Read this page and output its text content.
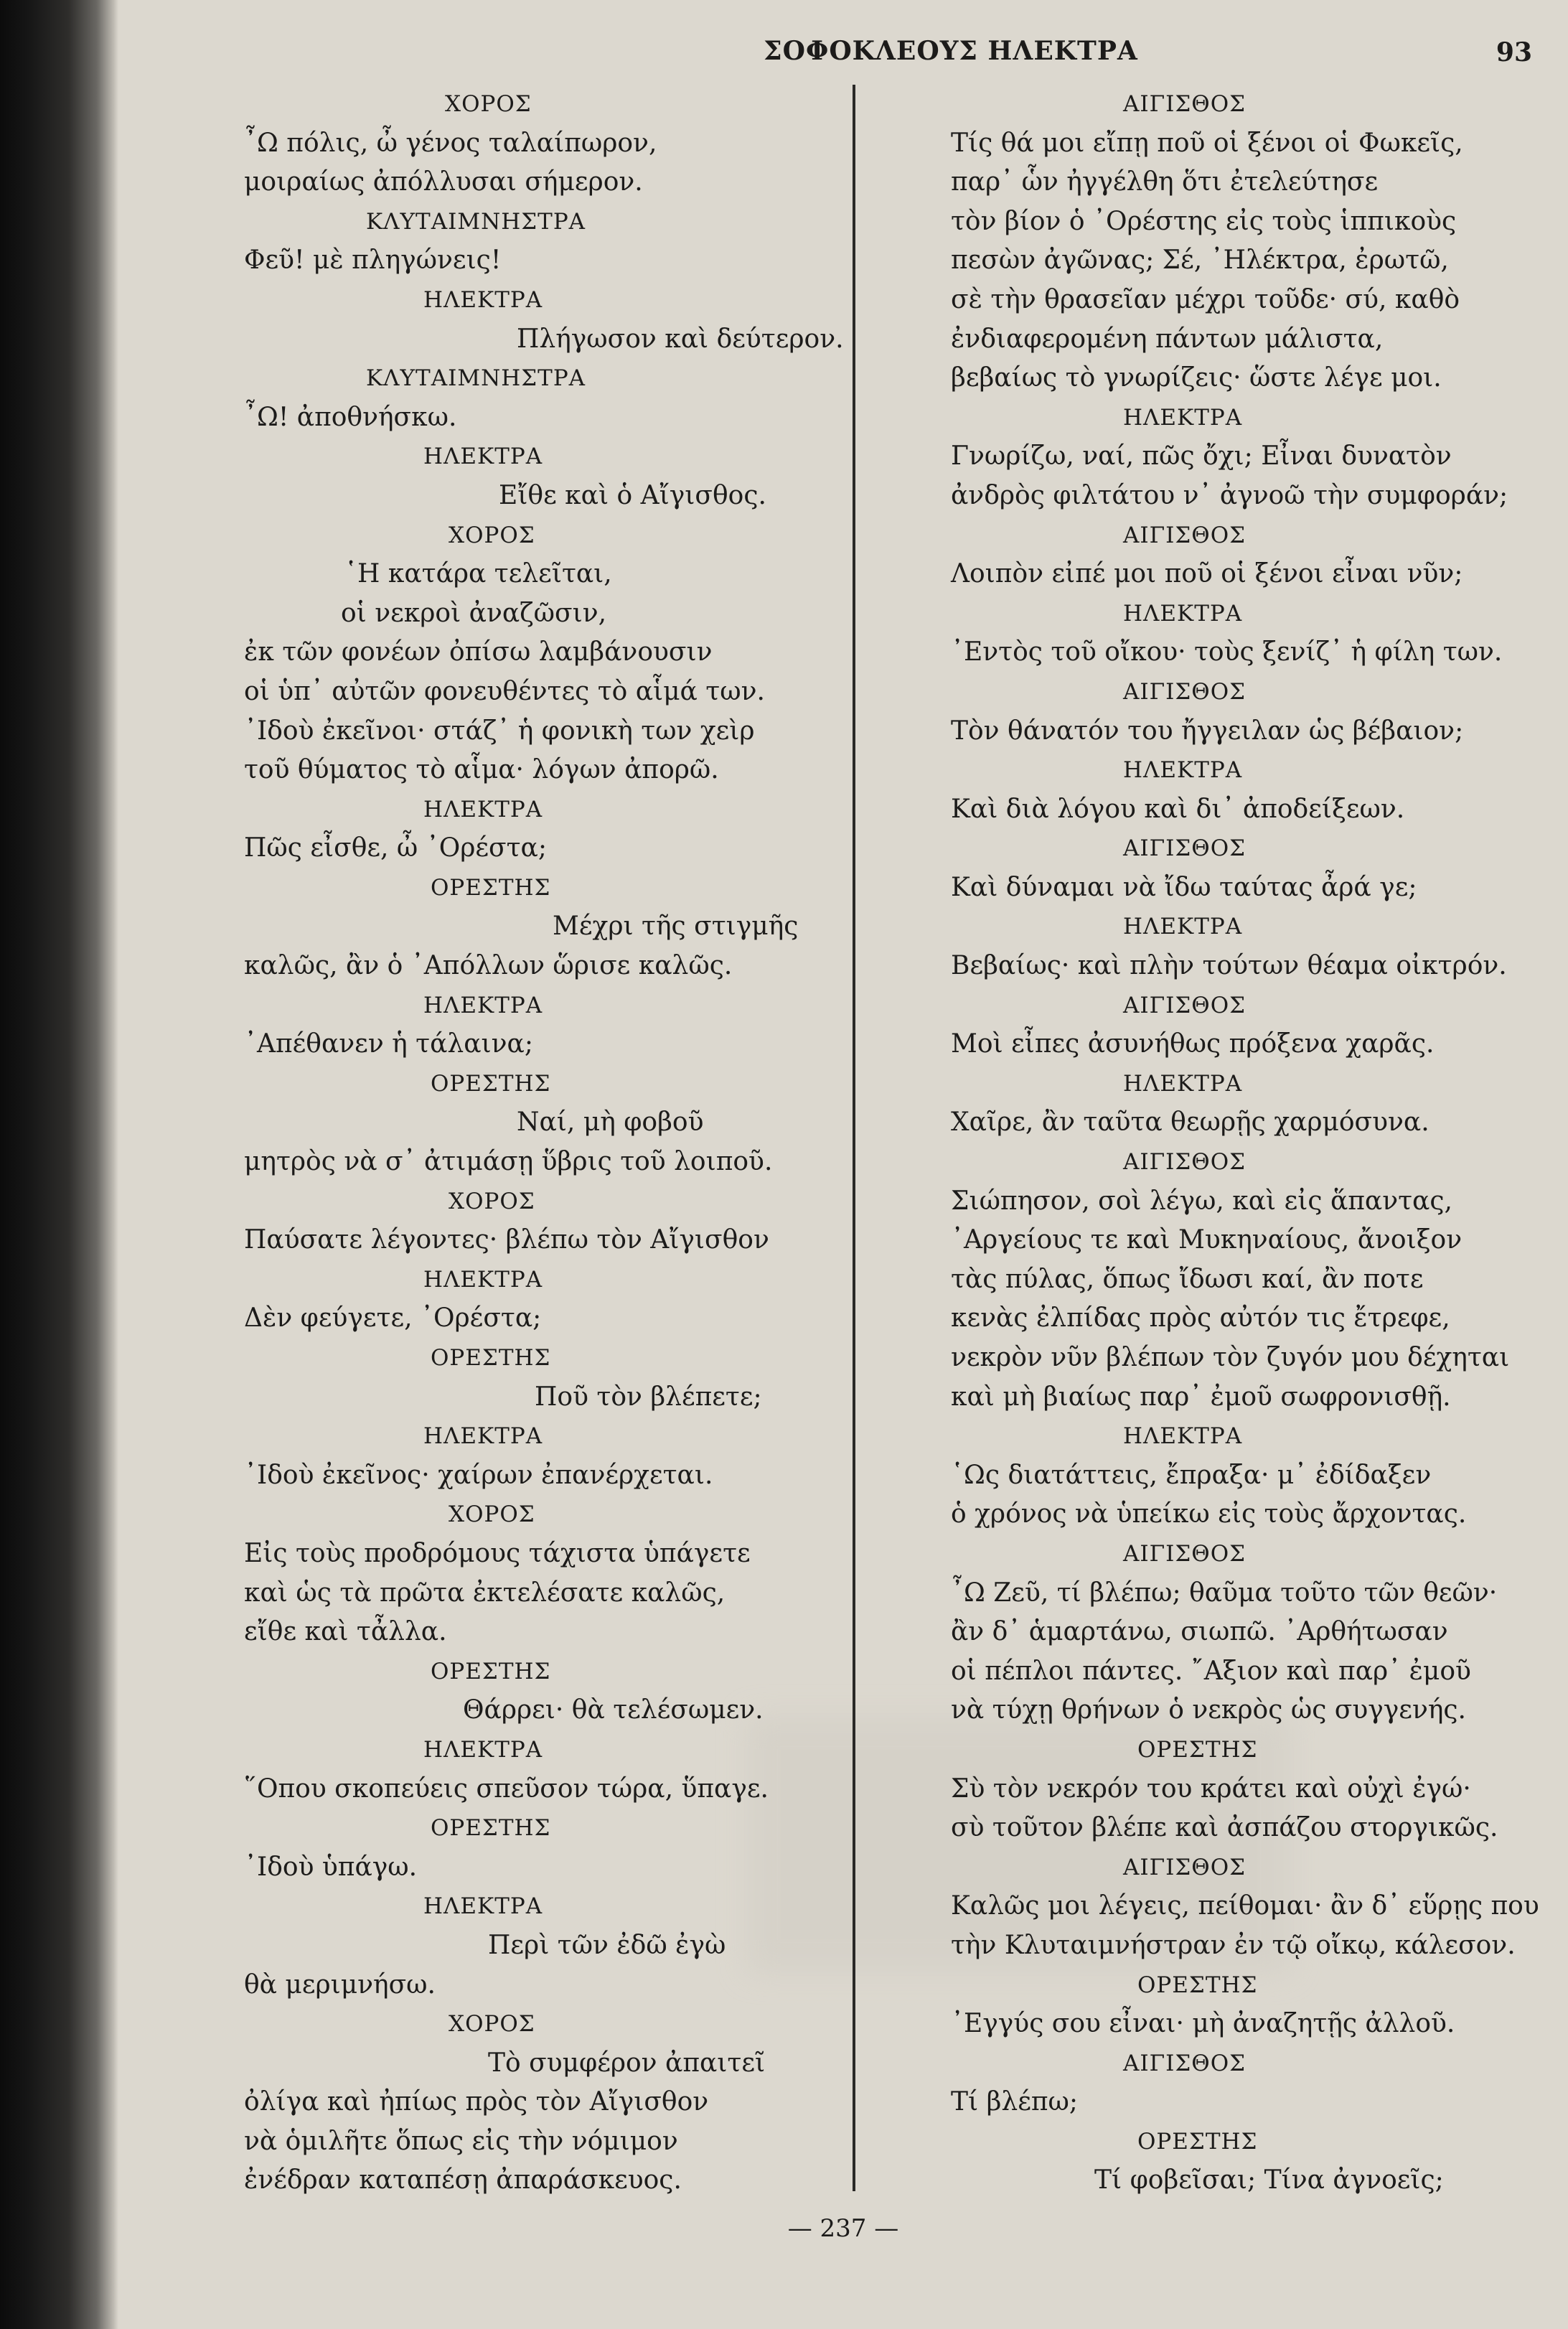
ΣΟΦΟΚΛΕΟΥΣ ΗΛΕΚΤΡΑ	93
ΧΟΡΟΣ
῏Ω πόλις, ὦ γένος ταλαίπωρον,
μοιραίως ἀπόλλυσαι σήμερον.
ΚΛΥΤΑΙΜΝΗΣΤΡΑ
Φεῦ! μὲ πληγώνεις!
ΗΛΕΚΤΡΑ
Πλήγωσον καὶ δεύτερον.
ΚΛΥΤΑΙΜΝΗΣΤΡΑ
῏Ω! ἀποθνήσκω.
ΗΛΕΚΤΡΑ
Εἴθε καὶ ὁ Αἴγισθος.
ΧΟΡΟΣ
῾Η κατάρα τελεῖται,
οἱ νεκροὶ ἀναζῶσιν,
ἐκ τῶν φονέων ὀπίσω λαμβάνουσιν
οἱ ὑπ᾿ αὐτῶν φονευθέντες τὸ αἷμά των.
᾿Ιδοὺ ἐκεῖνοι· στάζ᾿ ἡ φονικὴ των χεὶρ
τοῦ θύματος τὸ αἷμα· λόγων ἀπορῶ.
ΗΛΕΚΤΡΑ
Πῶς εἶσθε, ὦ ᾿Ορέστα;
ΟΡΕΣΤΗΣ
Μέχρι τῆς στιγμῆς
καλῶς, ἂν ὁ ᾿Απόλλων ὥρισε καλῶς.
ΗΛΕΚΤΡΑ
᾿Απέθανεν ἡ τάλαινα;
ΟΡΕΣΤΗΣ
Ναί, μὴ φοβοῦ
μητρὸς νὰ σ᾿ ἀτιμάσῃ ὕβρις τοῦ λοιποῦ.
ΧΟΡΟΣ
Παύσατε λέγοντες· βλέπω τὸν Αἴγισθον
ΗΛΕΚΤΡΑ
Δὲν φεύγετε, ᾿Ορέστα;
ΟΡΕΣΤΗΣ
Ποῦ τὸν βλέπετε;
ΗΛΕΚΤΡΑ
᾿Ιδοὺ ἐκεῖνος· χαίρων ἐπανέρχεται.
ΧΟΡΟΣ
Εἰς τοὺς προδρόμους τάχιστα ὑπάγετε
καὶ ὡς τὰ πρῶτα ἐκτελέσατε καλῶς,
εἴθε καὶ τἆλλα.
ΟΡΕΣΤΗΣ
Θάρρει· θὰ τελέσωμεν.
ΗΛΕΚΤΡΑ
῞Οπου σκοπεύεις σπεῦσον τώρα, ὕπαγε.
ΟΡΕΣΤΗΣ
᾿Ιδοὺ ὑπάγω.
ΗΛΕΚΤΡΑ
Περὶ τῶν ἐδῶ ἐγὼ
θὰ μεριμνήσω.
ΧΟΡΟΣ
Τὸ συμφέρον ἀπαιτεῖ
ὀλίγα καὶ ἠπίως πρὸς τὸν Αἴγισθον
νὰ ὁμιλῆτε ὅπως εἰς τὴν νόμιμον
ἐνέδραν καταπέσῃ ἀπαράσκευος.
ΑΙΓΙΣΘΟΣ
Τίς θά μοι εἴπῃ ποῦ οἱ ξένοι οἱ Φωκεῖς,
παρ᾿ ὧν ἠγγέλθη ὅτι ἐτελεύτησε
τὸν βίον ὁ ᾿Ορέστης εἰς τοὺς ἱππικοὺς
πεσὼν ἀγῶνας; Σέ, ᾿Ηλέκτρα, ἐρωτῶ,
σὲ τὴν θρασεῖαν μέχρι τοῦδε· σύ, καθὸ
ἐνδιαφερομένη πάντων μάλιστα,
βεβαίως τὸ γνωρίζεις· ὥστε λέγε μοι.
ΗΛΕΚΤΡΑ
Γνωρίζω, ναί, πῶς ὄχι; Εἶναι δυνατὸν
ἀνδρὸς φιλτάτου ν᾿ ἀγνοῶ τὴν συμφοράν;
ΑΙΓΙΣΘΟΣ
Λοιπὸν εἰπέ μοι ποῦ οἱ ξένοι εἶναι νῦν;
ΗΛΕΚΤΡΑ
᾿Εντὸς τοῦ οἴκου· τοὺς ξενίζ᾿ ἡ φίλη των.
ΑΙΓΙΣΘΟΣ
Τὸν θάνατόν του ἤγγειλαν ὡς βέβαιον;
ΗΛΕΚΤΡΑ
Καὶ διὰ λόγου καὶ δι᾿ ἀποδείξεων.
ΑΙΓΙΣΘΟΣ
Καὶ δύναμαι νὰ ἴδω ταύτας ἆρά γε;
ΗΛΕΚΤΡΑ
Βεβαίως· καὶ πλὴν τούτων θέαμα οἰκτρόν.
ΑΙΓΙΣΘΟΣ
Μοὶ εἶπες ἀσυνήθως πρόξενα χαρᾶς.
ΗΛΕΚΤΡΑ
Χαῖρε, ἂν ταῦτα θεωρῇς χαρμόσυνα.
ΑΙΓΙΣΘΟΣ
Σιώπησον, σοὶ λέγω, καὶ εἰς ἅπαντας,
᾿Αργείους τε καὶ Μυκηναίους, ἄνοιξον
τὰς πύλας, ὅπως ἴδωσι καί, ἂν ποτε
κενὰς ἐλπίδας πρὸς αὐτόν τις ἔτρεφε,
νεκρὸν νῦν βλέπων τὸν ζυγόν μου δέχηται
καὶ μὴ βιαίως παρ᾿ ἐμοῦ σωφρονισθῇ.
ΗΛΕΚΤΡΑ
῾Ως διατάττεις, ἔπραξα· μ᾿ ἐδίδαξεν
ὁ χρόνος νὰ ὑπείκω εἰς τοὺς ἄρχοντας.
ΑΙΓΙΣΘΟΣ
῏Ω Ζεῦ, τί βλέπω; θαῦμα τοῦτο τῶν θεῶν·
ἂν δ᾿ ἁμαρτάνω, σιωπῶ. ᾿Αρθήτωσαν
οἱ πέπλοι πάντες. ῎Αξιον καὶ παρ᾿ ἐμοῦ
νὰ τύχῃ θρήνων ὁ νεκρὸς ὡς συγγενής.
ΟΡΕΣΤΗΣ
Σὺ τὸν νεκρόν του κράτει καὶ οὐχὶ ἐγώ·
σὺ τοῦτον βλέπε καὶ ἀσπάζου στοργικῶς.
ΑΙΓΙΣΘΟΣ
Καλῶς μοι λέγεις, πείθομαι· ἂν δ᾿ εὕρῃς που
τὴν Κλυταιμνήστραν ἐν τῷ οἴκῳ, κάλεσον.
ΟΡΕΣΤΗΣ
᾿Εγγύς σου εἶναι· μὴ ἀναζητῇς ἀλλοῦ.
ΑΙΓΙΣΘΟΣ
Τί βλέπω;
ΟΡΕΣΤΗΣ
Τί φοβεῖσαι; Τίνα ἀγνοεῖς;
— 237 —
